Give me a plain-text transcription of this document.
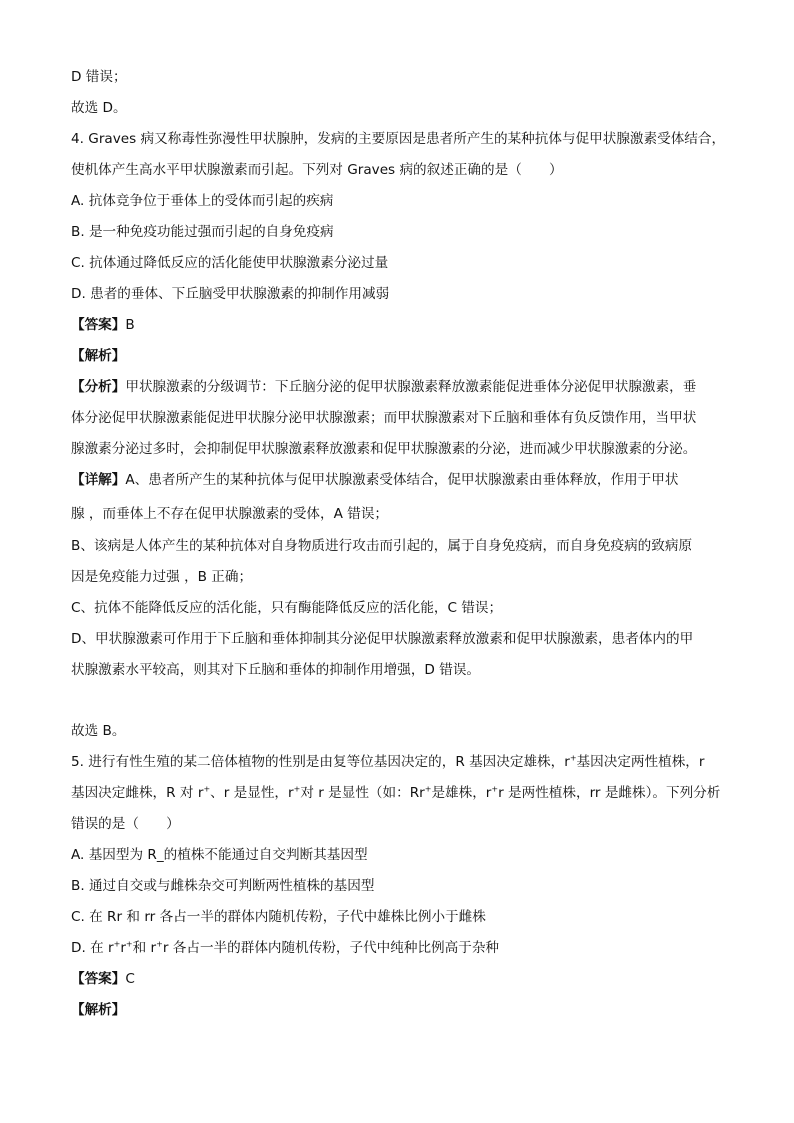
D 错误；
故选 D。
4. Graves 病又称毒性弥漫性甲状腺肿，发病的主要原因是患者所产生的某种抗体与促甲状腺激素受体结合，
使机体产生高水平甲状腺激素而引起。下列对 Graves 病的叙述正确的是（　　）
A. 抗体竞争位于垂体上的受体而引起的疾病
B. 是一种免疫功能过强而引起的自身免疫病
C. 抗体通过降低反应的活化能使甲状腺激素分泌过量
D. 患者的垂体、下丘脑受甲状腺激素的抑制作用减弱
【答案】B
【解析】
【分析】甲状腺激素的分级调节：下丘脑分泌的促甲状腺激素释放激素能促进垂体分泌促甲状腺激素，垂
体分泌促甲状腺激素能促进甲状腺分泌甲状腺激素；而甲状腺激素对下丘脑和垂体有负反馈作用，当甲状
腺激素分泌过多时，会抑制促甲状腺激素释放激素和促甲状腺激素的分泌，进而减少甲状腺激素的分泌。
【详解】A、患者所产生的某种抗体与促甲状腺激素受体结合，促甲状腺激素由垂体释放，作用于甲状
腺 ，而垂体上不存在促甲状腺激素的受体，A 错误；
B、该病是人体产生的某种抗体对自身物质进行攻击而引起的，属于自身免疫病，而自身免疫病的致病原
因是免疫能力过强 ，B 正确；
C、抗体不能降低反应的活化能，只有酶能降低反应的活化能，C 错误；
D、甲状腺激素可作用于下丘脑和垂体抑制其分泌促甲状腺激素释放激素和促甲状腺激素，患者体内的甲
状腺激素水平较高，则其对下丘脑和垂体的抑制作用增强，D 错误。
故选 B。
5. 进行有性生殖的某二倍体植物的性别是由复等位基因决定的，R 基因决定雄株，r+基因决定两性植株，r
基因决定雌株，R 对 r+、r 是显性，r+对 r 是显性（如：Rr+是雄株，r+r 是两性植株，rr 是雌株）。下列分析
错误的是（　　）
A. 基因型为 R_的植株不能通过自交判断其基因型
B. 通过自交或与雌株杂交可判断两性植株的基因型
C. 在 Rr 和 rr 各占一半的群体内随机传粉，子代中雄株比例小于雌株
D. 在 r+r+和 r+r 各占一半的群体内随机传粉，子代中纯种比例高于杂种
【答案】C
【解析】
